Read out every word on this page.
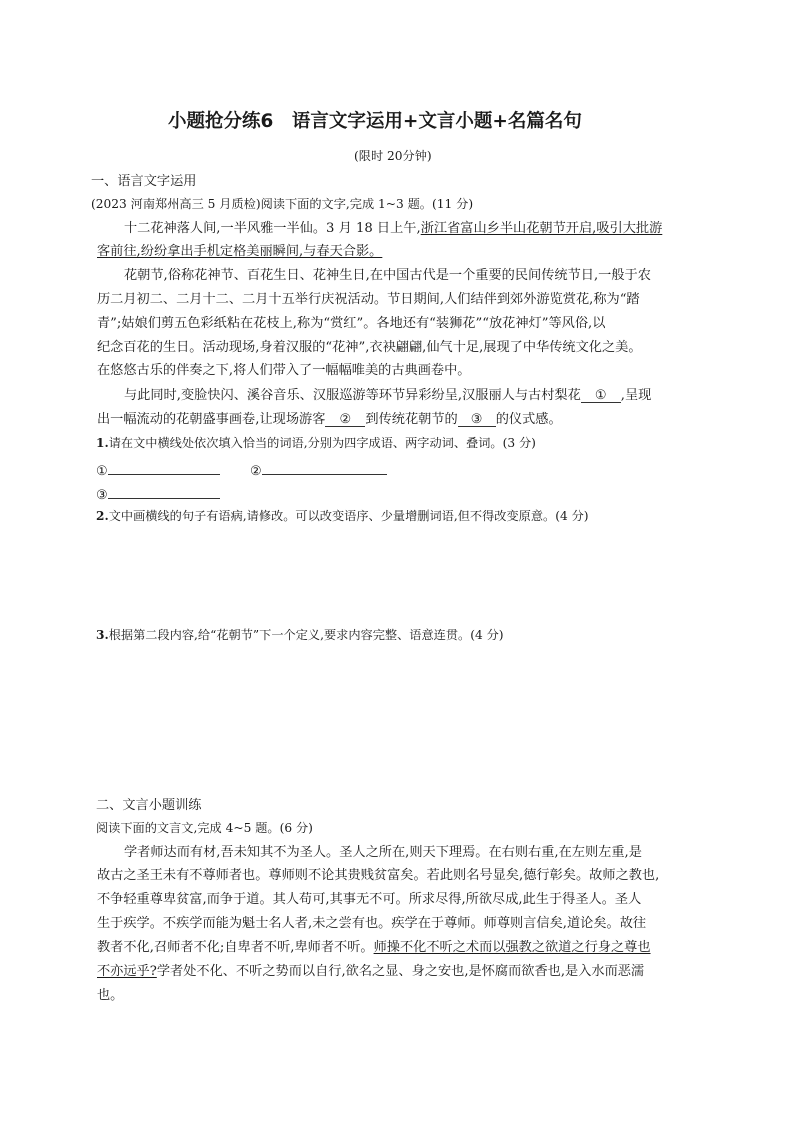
小题抢分练6　语言文字运用+文言小题+名篇名句
(限时 20分钟)
一、语言文字运用
(2023 河南郑州高三 5 月质检)阅读下面的文字,完成 1~3 题。(11 分)
十二花神落人间,一半风雅一半仙。3 月 18 日上午,浙江省富山乡半山花朝节开启,吸引大批游
客前往,纷纷拿出手机定格美丽瞬间,与春天合影。
花朝节,俗称花神节、百花生日、花神生日,在中国古代是一个重要的民间传统节日,一般于农
历二月初二、二月十二、二月十五举行庆祝活动。节日期间,人们结伴到郊外游览赏花,称为“踏
青”;姑娘们剪五色彩纸粘在花枝上,称为“赏红”。各地还有“装狮花”“放花神灯”等风俗,以
纪念百花的生日。活动现场,身着汉服的“花神”,衣袂翩翩,仙气十足,展现了中华传统文化之美。
在悠悠古乐的伴奏之下,将人们带入了一幅幅唯美的古典画卷中。
与此同时,变脸快闪、溪谷音乐、汉服巡游等环节异彩纷呈,汉服丽人与古村梨花 ① ,呈现
出一幅流动的花朝盛事画卷,让现场游客 ② 到传统花朝节的 ③ 的仪式感。
1.请在文中横线处依次填入恰当的词语,分别为四字成语、两字动词、叠词。(3 分)
①	②
③
2.文中画横线的句子有语病,请修改。可以改变语序、少量增删词语,但不得改变原意。(4 分)
3.根据第二段内容,给“花朝节”下一个定义,要求内容完整、语意连贯。(4 分)
二、文言小题训练
阅读下面的文言文,完成 4~5 题。(6 分)
学者师达而有材,吾未知其不为圣人。圣人之所在,则天下理焉。在右则右重,在左则左重,是
故古之圣王未有不尊师者也。尊师则不论其贵贱贫富矣。若此则名号显矣,德行彰矣。故师之教也,
不争轻重尊卑贫富,而争于道。其人苟可,其事无不可。所求尽得,所欲尽成,此生于得圣人。圣人
生于疾学。不疾学而能为魁士名人者,未之尝有也。疾学在于尊师。师尊则言信矣,道论矣。故往
教者不化,召师者不化;自卑者不听,卑师者不听。师操不化不听之术而以强教之欲道之行身之尊也
不亦远乎?学者处不化、不听之势而以自行,欲名之显、身之安也,是怀腐而欲香也,是入水而恶濡
也。
